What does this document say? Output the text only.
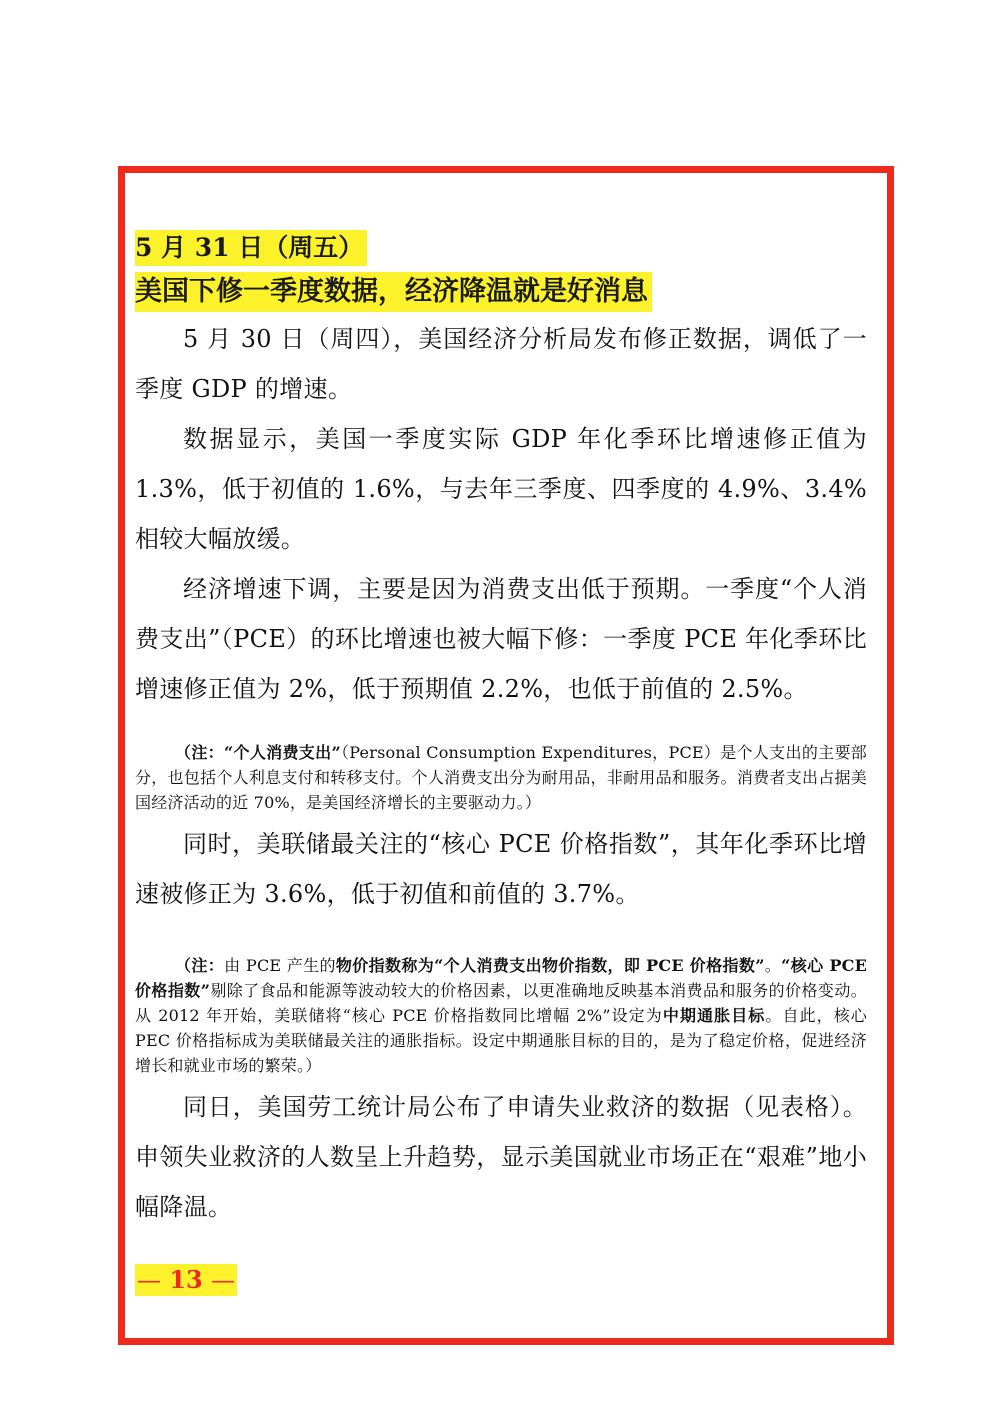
5 月 31 日（周五）
美国下修一季度数据，经济降温就是好消息

5 月 30 日（周四），美国经济分析局发布修正数据，调低了一季度 GDP 的增速。

数据显示，美国一季度实际 GDP 年化季环比增速修正值为 1.3%，低于初值的 1.6%，与去年三季度、四季度的 4.9%、3.4%相较大幅放缓。

经济增速下调，主要是因为消费支出低于预期。一季度“个人消费支出”（PCE）的环比增速也被大幅下修：一季度 PCE 年化季环比增速修正值为 2%，低于预期值 2.2%，也低于前值的 2.5%。

（注：“个人消费支出”（Personal Consumption Expenditures，PCE）是个人支出的主要部分，也包括个人利息支付和转移支付。个人消费支出分为耐用品，非耐用品和服务。消费者支出占据美国经济活动的近 70%，是美国经济增长的主要驱动力。）

同时，美联储最关注的“核心 PCE 价格指数”，其年化季环比增速被修正为 3.6%，低于初值和前值的 3.7%。

（注：由 PCE 产生的物价指数称为“个人消费支出物价指数，即 PCE 价格指数”。“核心 PCE 价格指数”剔除了食品和能源等波动较大的价格因素，以更准确地反映基本消费品和服务的价格变动。从 2012 年开始，美联储将“核心 PCE 价格指数同比增幅 2%”设定为中期通胀目标。自此，核心 PEC 价格指标成为美联储最关注的通胀指标。设定中期通胀目标的目的，是为了稳定价格，促进经济增长和就业市场的繁荣。）

同日，美国劳工统计局公布了申请失业救济的数据（见表格）。申领失业救济的人数呈上升趋势，显示美国就业市场正在“艰难”地小幅降温。

— 13 —
